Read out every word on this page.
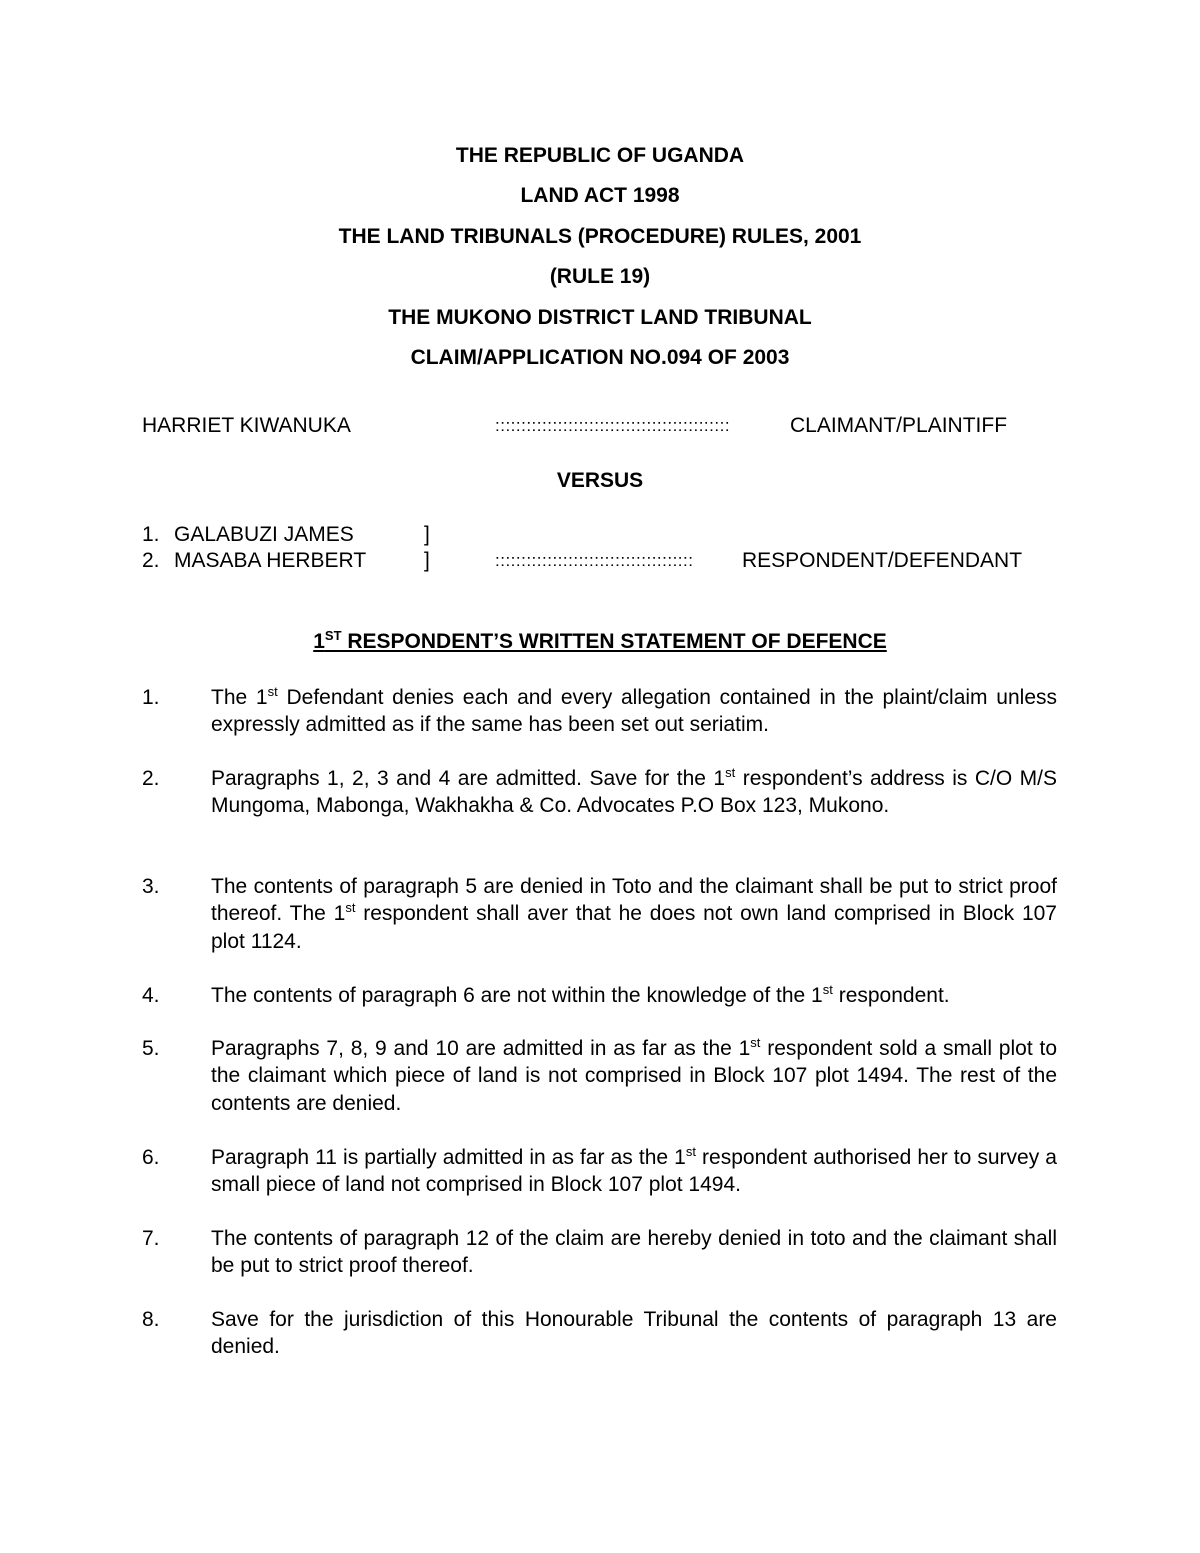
THE REPUBLIC OF UGANDA
LAND ACT 1998
THE LAND TRIBUNALS (PROCEDURE) RULES, 2001
(RULE 19)
THE MUKONO DISTRICT LAND TRIBUNAL
CLAIM/APPLICATION NO.094 OF 2003
HARRIET KIWANUKA	:::::::::::::::::::::::::::::::::::::::::::::	CLAIMANT/PLAINTIFF
VERSUS
1. GALABUZI JAMES	]
2. MASABA HERBERT	]	:::::::::::::::::::::::::::::::::::::: RESPONDENT/DEFENDANT
1ST RESPONDENT’S WRITTEN STATEMENT OF DEFENCE
1. The 1st Defendant denies each and every allegation contained in the plaint/claim unless expressly admitted as if the same has been set out seriatim.
2. Paragraphs 1, 2, 3 and 4 are admitted. Save for the 1st respondent’s address is C/O M/S Mungoma, Mabonga, Wakhakha & Co. Advocates P.O Box 123, Mukono.
3. The contents of paragraph 5 are denied in Toto and the claimant shall be put to strict proof thereof. The 1st respondent shall aver that he does not own land comprised in Block 107 plot 1124.
4. The contents of paragraph 6 are not within the knowledge of the 1st respondent.
5. Paragraphs 7, 8, 9 and 10 are admitted in as far as the 1st respondent sold a small plot to the claimant which piece of land is not comprised in Block 107 plot 1494. The rest of the contents are denied.
6. Paragraph 11 is partially admitted in as far as the 1st respondent authorised her to survey a small piece of land not comprised in Block 107 plot 1494.
7. The contents of paragraph 12 of the claim are hereby denied in toto and the claimant shall be put to strict proof thereof.
8. Save for the jurisdiction of this Honourable Tribunal the contents of paragraph 13 are denied.
